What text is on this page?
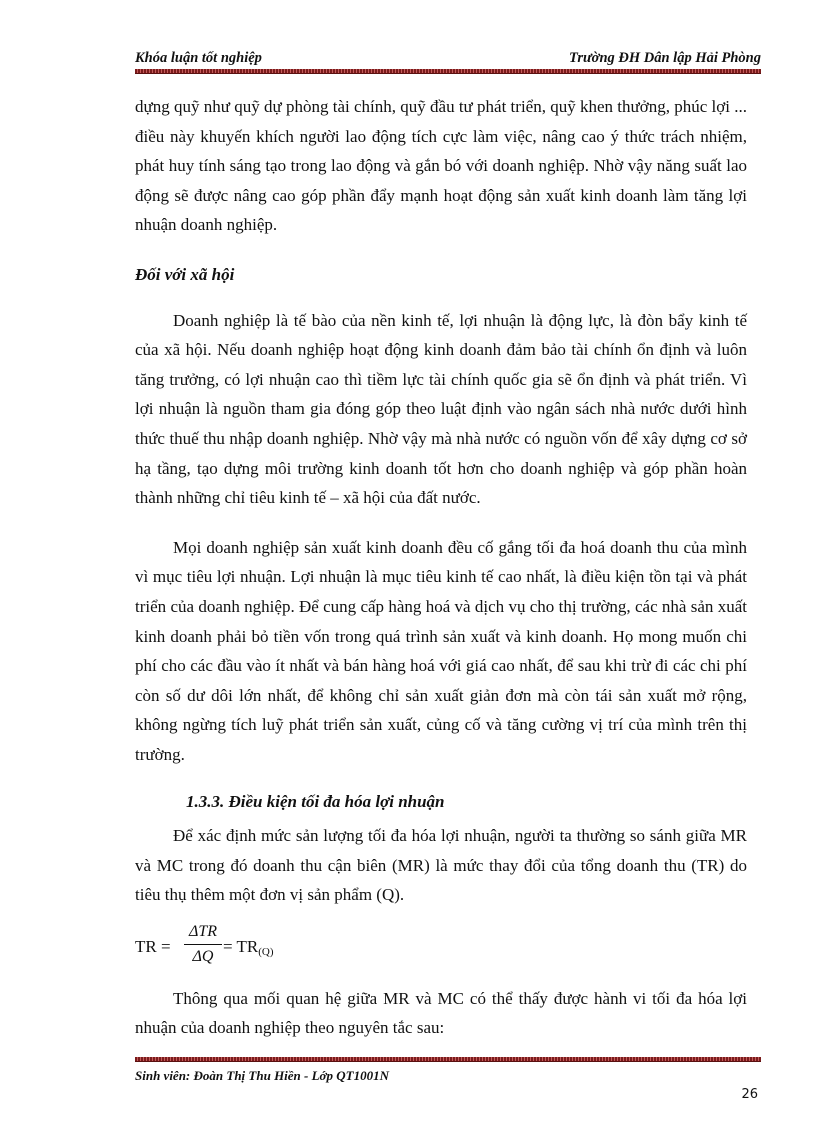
Khóa luận tốt nghiệp	Trường ĐH Dân lập Hải Phòng

dựng quỹ như quỹ dự phòng tài chính, quỹ đầu tư phát triển, quỹ khen thưởng, phúc lợi ... điều này khuyến khích người lao động tích cực làm việc, nâng cao ý thức trách nhiệm, phát huy tính sáng tạo trong lao động và gắn bó với doanh nghiệp. Nhờ vậy năng suất lao động sẽ được nâng cao góp phần đẩy mạnh hoạt động sản xuất kinh doanh làm tăng lợi nhuận doanh nghiệp.

Đối với xã hội

Doanh nghiệp là tế bào của nền kinh tế, lợi nhuận là động lực, là đòn bẩy kinh tế của xã hội. Nếu doanh nghiệp hoạt động kinh doanh đảm bảo tài chính ổn định và luôn tăng trưởng, có lợi nhuận cao thì tiềm lực tài chính quốc gia sẽ ổn định và phát triển. Vì lợi nhuận là nguồn tham gia đóng góp theo luật định vào ngân sách nhà nước dưới hình thức thuế thu nhập doanh nghiệp. Nhờ vậy mà nhà nước có nguồn vốn để xây dựng cơ sở hạ tầng, tạo dựng môi trường kinh doanh tốt hơn cho doanh nghiệp và góp phần hoàn thành những chỉ tiêu kinh tế – xã hội của đất nước.

Mọi doanh nghiệp sản xuất kinh doanh đều cố gắng tối đa hoá doanh thu của mình vì mục tiêu lợi nhuận. Lợi nhuận là mục tiêu kinh tế cao nhất, là điều kiện tồn tại và phát triển của doanh nghiệp. Để cung cấp hàng hoá và dịch vụ cho thị trường, các nhà sản xuất kinh doanh phải bỏ tiền vốn trong quá trình sản xuất và kinh doanh. Họ mong muốn chi phí cho các đầu vào ít nhất và bán hàng hoá với giá cao nhất, để sau khi trừ đi các chi phí còn số dư dôi lớn nhất, để không chỉ sản xuất giản đơn mà còn tái sản xuất mở rộng, không ngừng tích luỹ phát triển sản xuất, củng cố và tăng cường vị trí của mình trên thị trường.

1.3.3. Điều kiện tối đa hóa lợi nhuận

Để xác định mức sản lượng tối đa hóa lợi nhuận, người ta thường so sánh giữa MR và MC trong đó doanh thu cận biên (MR) là mức thay đổi của tổng doanh thu (TR) do tiêu thụ thêm một đơn vị sản phẩm (Q).

TR =
ΔTR
ΔQ
= $TR_{(Q)}$

Thông qua mối quan hệ giữa MR và MC có thể thấy được hành vi tối đa hóa lợi nhuận của doanh nghiệp theo nguyên tắc sau:

Sinh viên: Đoàn Thị Thu Hiền - Lớp QT1001N
26
